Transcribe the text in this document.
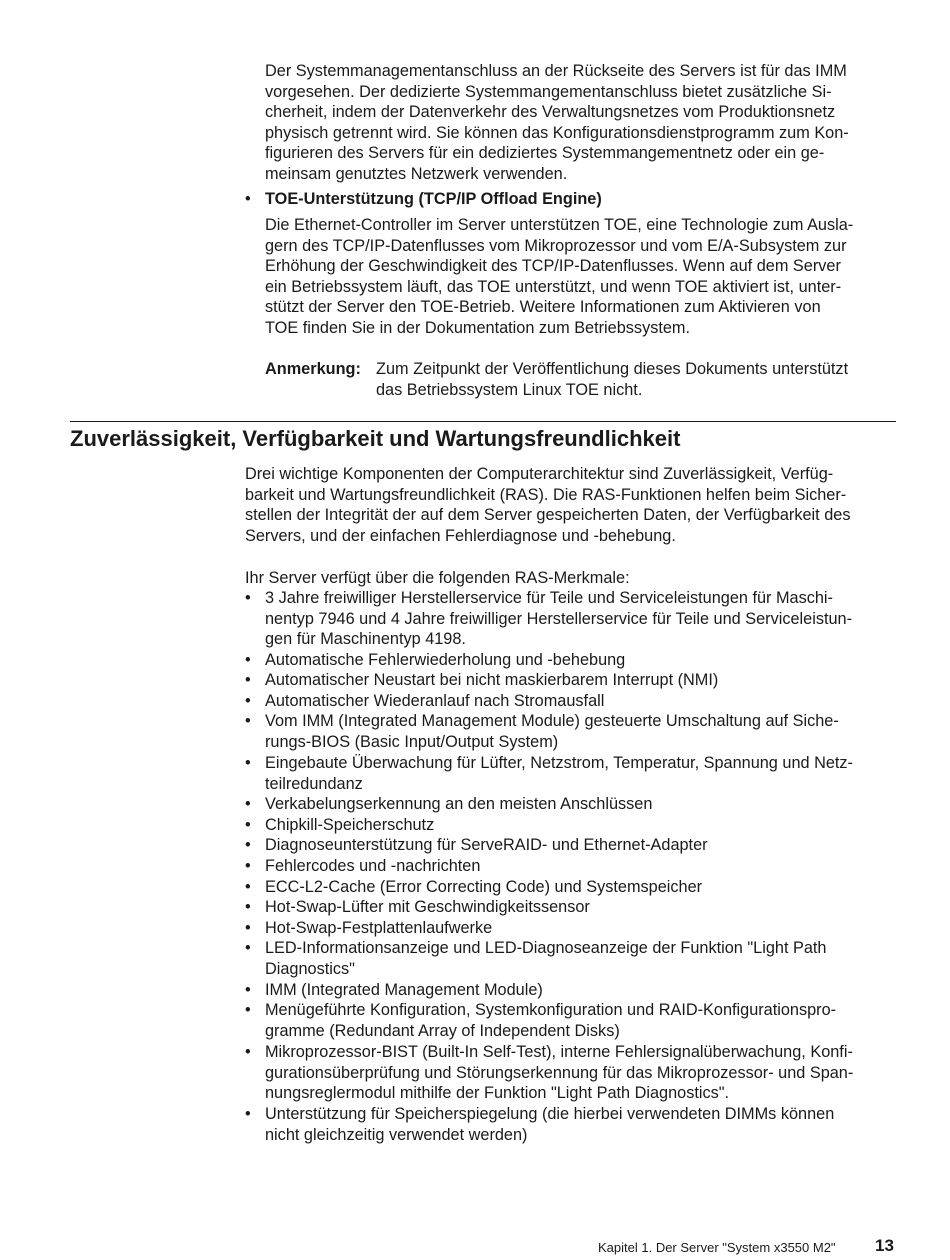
Der Systemmanagementanschluss an der Rückseite des Servers ist für das IMM
vorgesehen. Der dedizierte Systemmangementanschluss bietet zusätzliche Si-
cherheit, indem der Datenverkehr des Verwaltungsnetzes vom Produktionsnetz
physisch getrennt wird. Sie können das Konfigurationsdienstprogramm zum Kon-
figurieren des Servers für ein dediziertes Systemmangementnetz oder ein ge-
meinsam genutztes Netzwerk verwenden.
• TOE-Unterstützung (TCP/IP Offload Engine)
Die Ethernet-Controller im Server unterstützen TOE, eine Technologie zum Ausla-
gern des TCP/IP-Datenflusses vom Mikroprozessor und vom E/A-Subsystem zur
Erhöhung der Geschwindigkeit des TCP/IP-Datenflusses. Wenn auf dem Server
ein Betriebssystem läuft, das TOE unterstützt, und wenn TOE aktiviert ist, unter-
stützt der Server den TOE-Betrieb. Weitere Informationen zum Aktivieren von
TOE finden Sie in der Dokumentation zum Betriebssystem.
Anmerkung: Zum Zeitpunkt der Veröffentlichung dieses Dokuments unterstützt
das Betriebssystem Linux TOE nicht.
Zuverlässigkeit, Verfügbarkeit und Wartungsfreundlichkeit
Drei wichtige Komponenten der Computerarchitektur sind Zuverlässigkeit, Verfüg-
barkeit und Wartungsfreundlichkeit (RAS). Die RAS-Funktionen helfen beim Sicher-
stellen der Integrität der auf dem Server gespeicherten Daten, der Verfügbarkeit des
Servers, und der einfachen Fehlerdiagnose und -behebung.
Ihr Server verfügt über die folgenden RAS-Merkmale:
• 3 Jahre freiwilliger Herstellerservice für Teile und Serviceleistungen für Maschi-
nentyp 7946 und 4 Jahre freiwilliger Herstellerservice für Teile und Serviceleistun-
gen für Maschinentyp 4198.
• Automatische Fehlerwiederholung und -behebung
• Automatischer Neustart bei nicht maskierbarem Interrupt (NMI)
• Automatischer Wiederanlauf nach Stromausfall
• Vom IMM (Integrated Management Module) gesteuerte Umschaltung auf Siche-
rungs-BIOS (Basic Input/Output System)
• Eingebaute Überwachung für Lüfter, Netzstrom, Temperatur, Spannung und Netz-
teilredundanz
• Verkabelungserkennung an den meisten Anschlüssen
• Chipkill-Speicherschutz
• Diagnoseunterstützung für ServeRAID- und Ethernet-Adapter
• Fehlercodes und -nachrichten
• ECC-L2-Cache (Error Correcting Code) und Systemspeicher
• Hot-Swap-Lüfter mit Geschwindigkeitssensor
• Hot-Swap-Festplattenlaufwerke
• LED-Informationsanzeige und LED-Diagnoseanzeige der Funktion "Light Path
Diagnostics"
• IMM (Integrated Management Module)
• Menügeführte Konfiguration, Systemkonfiguration und RAID-Konfigurationspro-
gramme (Redundant Array of Independent Disks)
• Mikroprozessor-BIST (Built-In Self-Test), interne Fehlersignalüberwachung, Konfi-
gurationsüberprüfung und Störungserkennung für das Mikroprozessor- und Span-
nungsreglermodul mithilfe der Funktion "Light Path Diagnostics".
• Unterstützung für Speicherspiegelung (die hierbei verwendeten DIMMs können
nicht gleichzeitig verwendet werden)
Kapitel 1. Der Server "System x3550 M2" 13
